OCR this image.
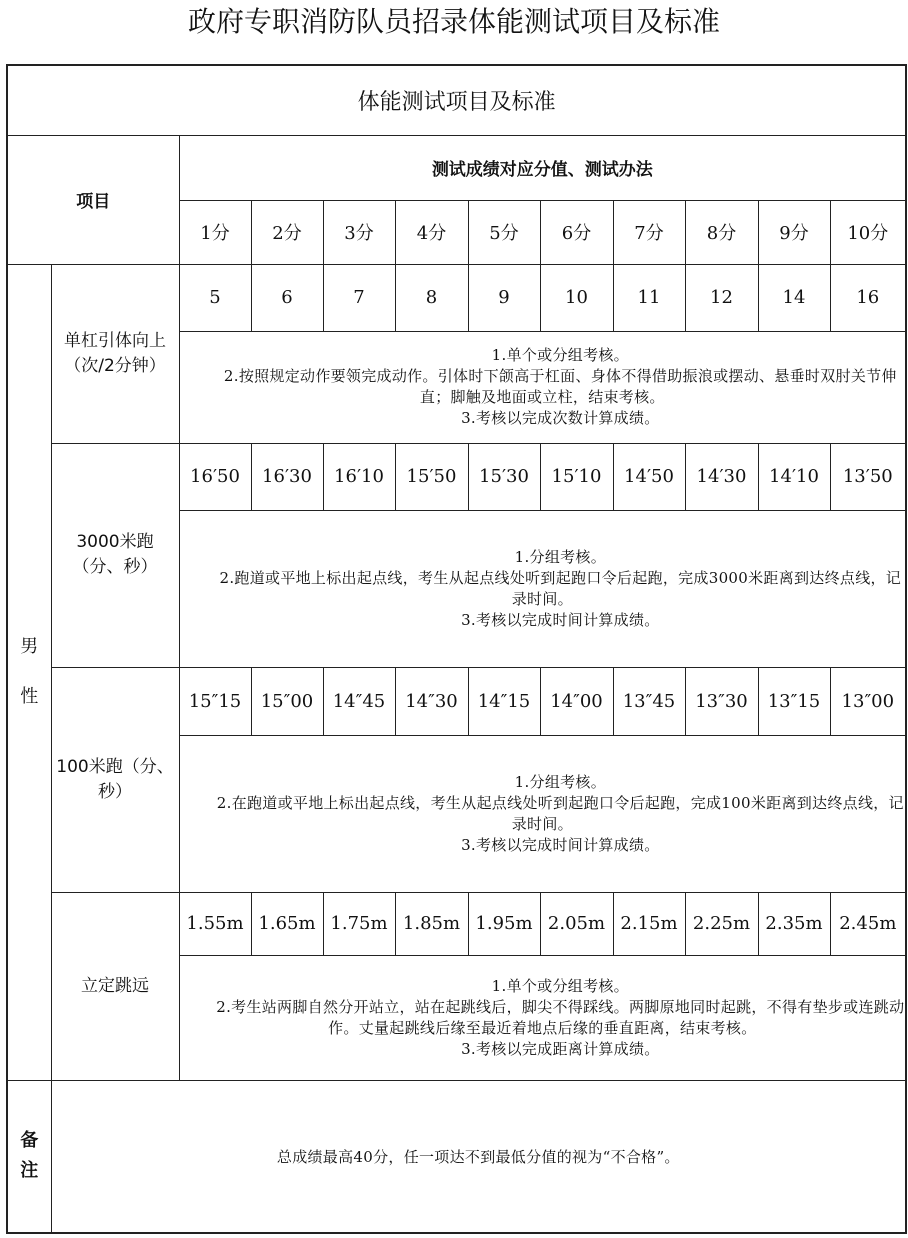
政府专职消防队员招录体能测试项目及标准
体能测试项目及标准											
项目		测试成绩对应分值、测试办法									
		1分	2分	3分	4分	5分	6分	7分	8分	9分	10分
男
性	单杠引体向上（次/2分钟）	5	6	7	8	9	10	11	12	14	16

		1.单个或分组考核。

2.按照规定动作要领完成动作。引体时下颌高于杠面、身体不得借助振浪或摆动、悬垂时双肘关节伸直；脚触及地面或立柱，结束考核。

3.考核以完成次数计算成绩。									

	3000米跑（分、秒）	16′50	16′30	16′10	15′50	15′30	15′10	14′50	14′30	14′10	13′50

		1.分组考核。

2.跑道或平地上标出起点线，考生从起点线处听到起跑口令后起跑，完成3000米距离到达终点线，记录时间。

3.考核以完成时间计算成绩。									

	100米跑（分、秒）	15″15	15″00	14″45	14″30	14″15	14″00	13″45	13″30	13″15	13″00

		1.分组考核。

2.在跑道或平地上标出起点线，考生从起点线处听到起跑口令后起跑，完成100米距离到达终点线，记录时间。

3.考核以完成时间计算成绩。									

	立定跳远	1.55m	1.65m	1.75m	1.85m	1.95m	2.05m	2.15m	2.25m	2.35m	2.45m

		1.单个或分组考核。

2.考生站两脚自然分开站立，站在起跳线后，脚尖不得踩线。两脚原地同时起跳，不得有垫步或连跳动作。丈量起跳线后缘至最近着地点后缘的垂直距离，结束考核。

3.考核以完成距离计算成绩。									

备
注	总成绩最高40分，任一项达不到最低分值的视为“不合格”。										
